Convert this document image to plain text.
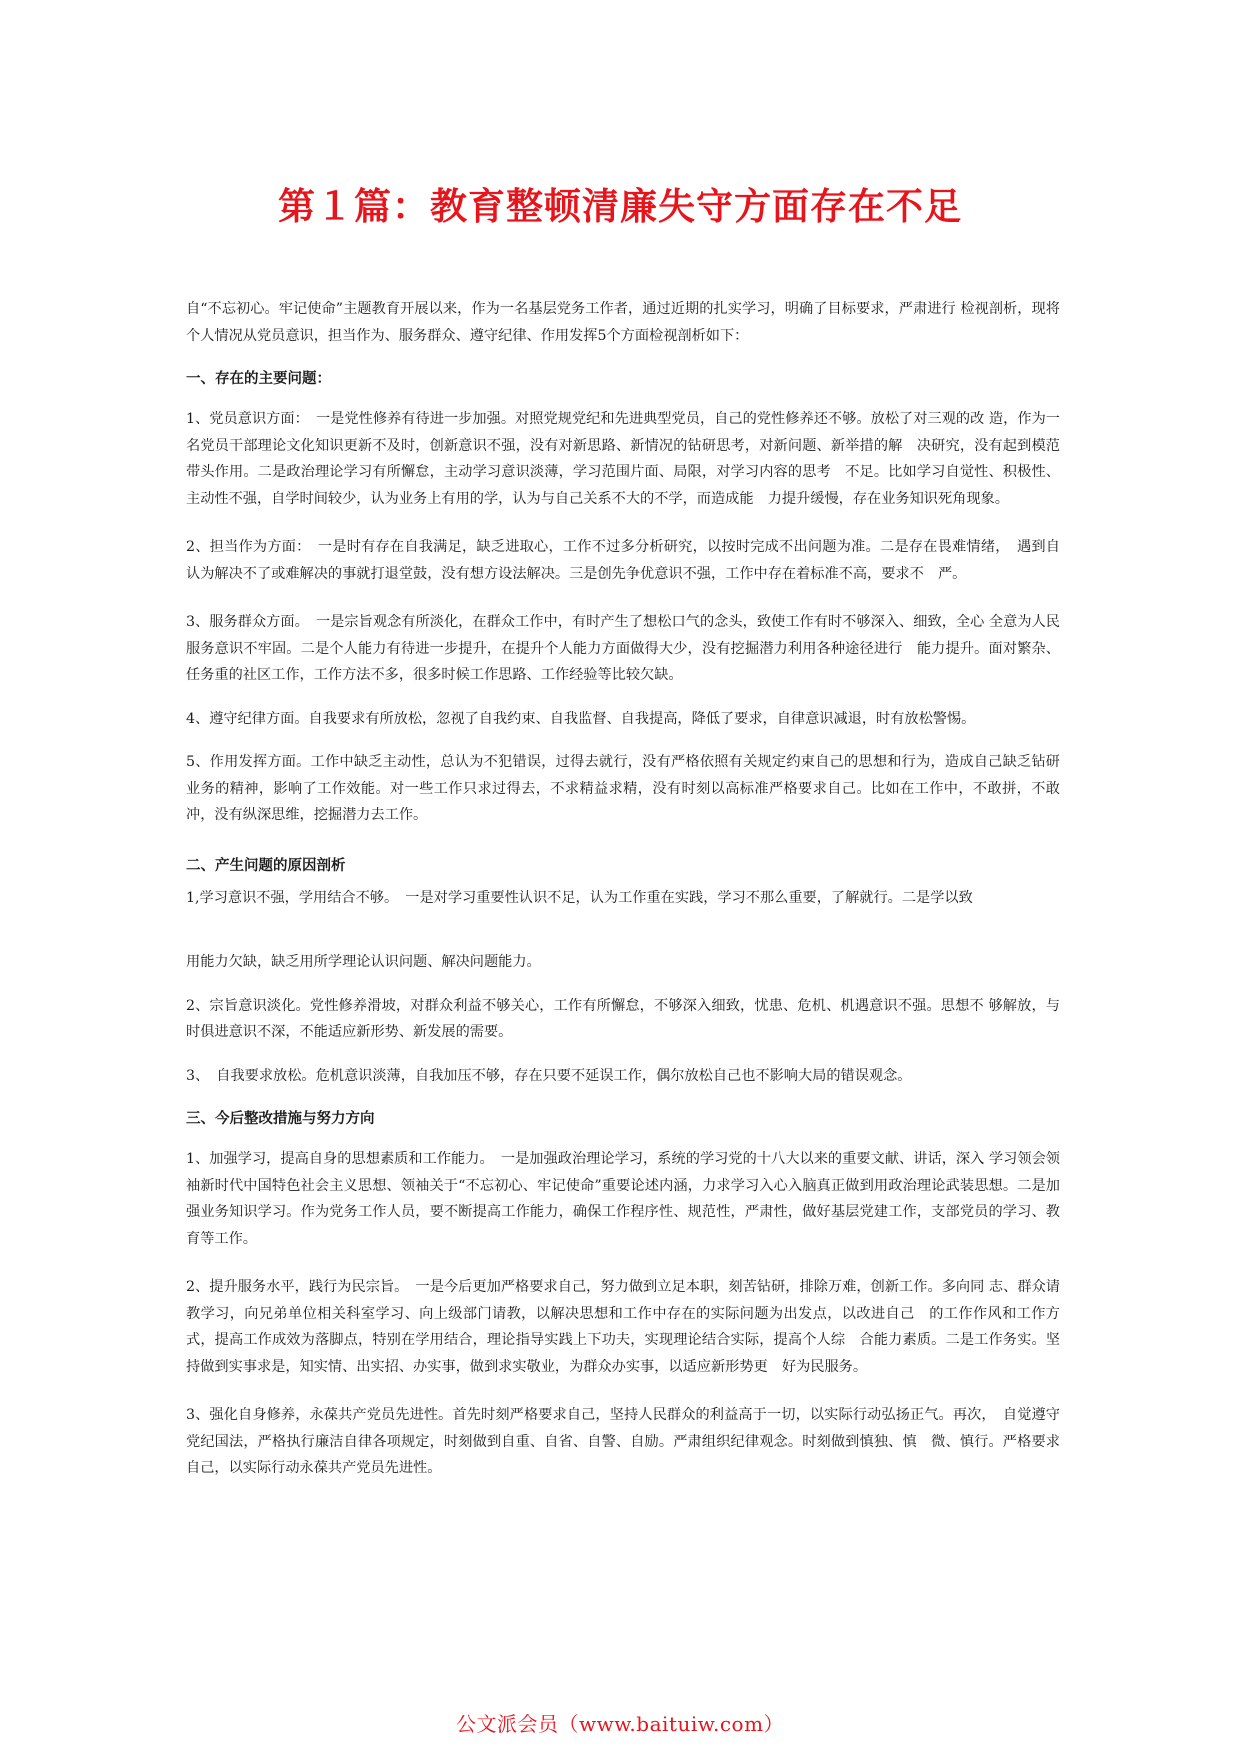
第１篇：教育整顿清廉失守方面存在不足

自“不忘初心。牢记使命”主题教育开展以来，作为一名基层党务工作者，通过近期的扎实学习，明确了目标要求，严肃进行 检视剖析，现将个人情况从党员意识，担当作为、服务群众、遵守纪律、作用发挥5个方面检视剖析如下：

一、存在的主要问题：

1、党员意识方面：　一是党性修养有待进一步加强。对照党规党纪和先进典型党员，自己的党性修养还不够。放松了对三观的改 造，作为一名党员干部理论文化知识更新不及时，创新意识不强，没有对新思路、新情况的钻研思考，对新问题、新举措的解　决研究，没有起到模范带头作用。二是政治理论学习有所懈怠，主动学习意识淡薄，学习范围片面、局限，对学习内容的思考　不足。比如学习自觉性、积极性、主动性不强，自学时间较少，认为业务上有用的学，认为与自己关系不大的不学，而造成能　力提升缓慢，存在业务知识死角现象。

2、担当作为方面：　一是时有存在自我满足，缺乏进取心，工作不过多分析研究，以按时完成不出问题为准。二是存在畏难情绪，　遇到自认为解决不了或难解决的事就打退堂鼓，没有想方设法解决。三是创先争优意识不强，工作中存在着标准不高，要求不　严。

3、服务群众方面。　一是宗旨观念有所淡化，在群众工作中，有时产生了想松口气的念头，致使工作有时不够深入、细致，全心 全意为人民服务意识不牢固。二是个人能力有待进一步提升，在提升个人能力方面做得大少，没有挖掘潜力利用各种途径进行　能力提升。面对繁杂、任务重的社区工作，工作方法不多，很多时候工作思路、工作经验等比较欠缺。

4、遵守纪律方面。自我要求有所放松，忽视了自我约束、自我监督、自我提高，降低了要求，自律意识减退，时有放松警惕。

5、作用发挥方面。工作中缺乏主动性，总认为不犯错误，过得去就行，没有严格依照有关规定约束自己的思想和行为，造成自己缺乏钻研业务的精神，影响了工作效能。对一些工作只求过得去，不求精益求精，没有时刻以高标准严格要求自己。比如在工作中，不敢拼，不敢冲，没有纵深思维，挖掘潜力去工作。

二、产生问题的原因剖析

1,学习意识不强，学用结合不够。　一是对学习重要性认识不足，认为工作重在实践，学习不那么重要，了解就行。二是学以致

用能力欠缺，缺乏用所学理论认识问题、解决问题能力。

2、宗旨意识淡化。党性修养滑坡，对群众利益不够关心，工作有所懈怠，不够深入细致，忧患、危机、机遇意识不强。思想不 够解放，与时俱进意识不深，不能适应新形势、新发展的需要。

3、　自我要求放松。危机意识淡薄，自我加压不够，存在只要不延误工作，偶尔放松自己也不影响大局的错误观念。

三、今后整改措施与努力方向

1、加强学习，提高自身的思想素质和工作能力。　一是加强政治理论学习，系统的学习党的十八大以来的重要文献、讲话，深入 学习领会领袖新时代中国特色社会主义思想、领袖关于“不忘初心、牢记使命”重要论述内涵，力求学习入心入脑真正做到用政治理论武装思想。二是加强业务知识学习。作为党务工作人员，要不断提高工作能力，确保工作程序性、规范性，严肃性，做好基层党建工作，支部党员的学习、教育等工作。

2、提升服务水平，践行为民宗旨。　一是今后更加严格要求自己，努力做到立足本职，刻苦钻研，排除万难，创新工作。多向同 志、群众请教学习，向兄弟单位相关科室学习、向上级部门请教，以解决思想和工作中存在的实际问题为出发点，以改进自己　的工作作风和工作方式，提高工作成效为落脚点，特别在学用结合，理论指导实践上下功夫，实现理论结合实际，提高个人综　合能力素质。二是工作务实。坚持做到实事求是，知实情、出实招、办实事，做到求实敬业，为群众办实事，以适应新形势更　好为民服务。

3、强化自身修养，永葆共产党员先进性。首先时刻严格要求自己，坚持人民群众的利益高于一切，以实际行动弘扬正气。再次，　自觉遵守党纪国法，严格执行廉洁自律各项规定，时刻做到自重、自省、自警、自励。严肃组织纪律观念。时刻做到慎独、慎　微、慎行。严格要求自己，以实际行动永葆共产党员先进性。

公文派会员（www.baituiw.com）
